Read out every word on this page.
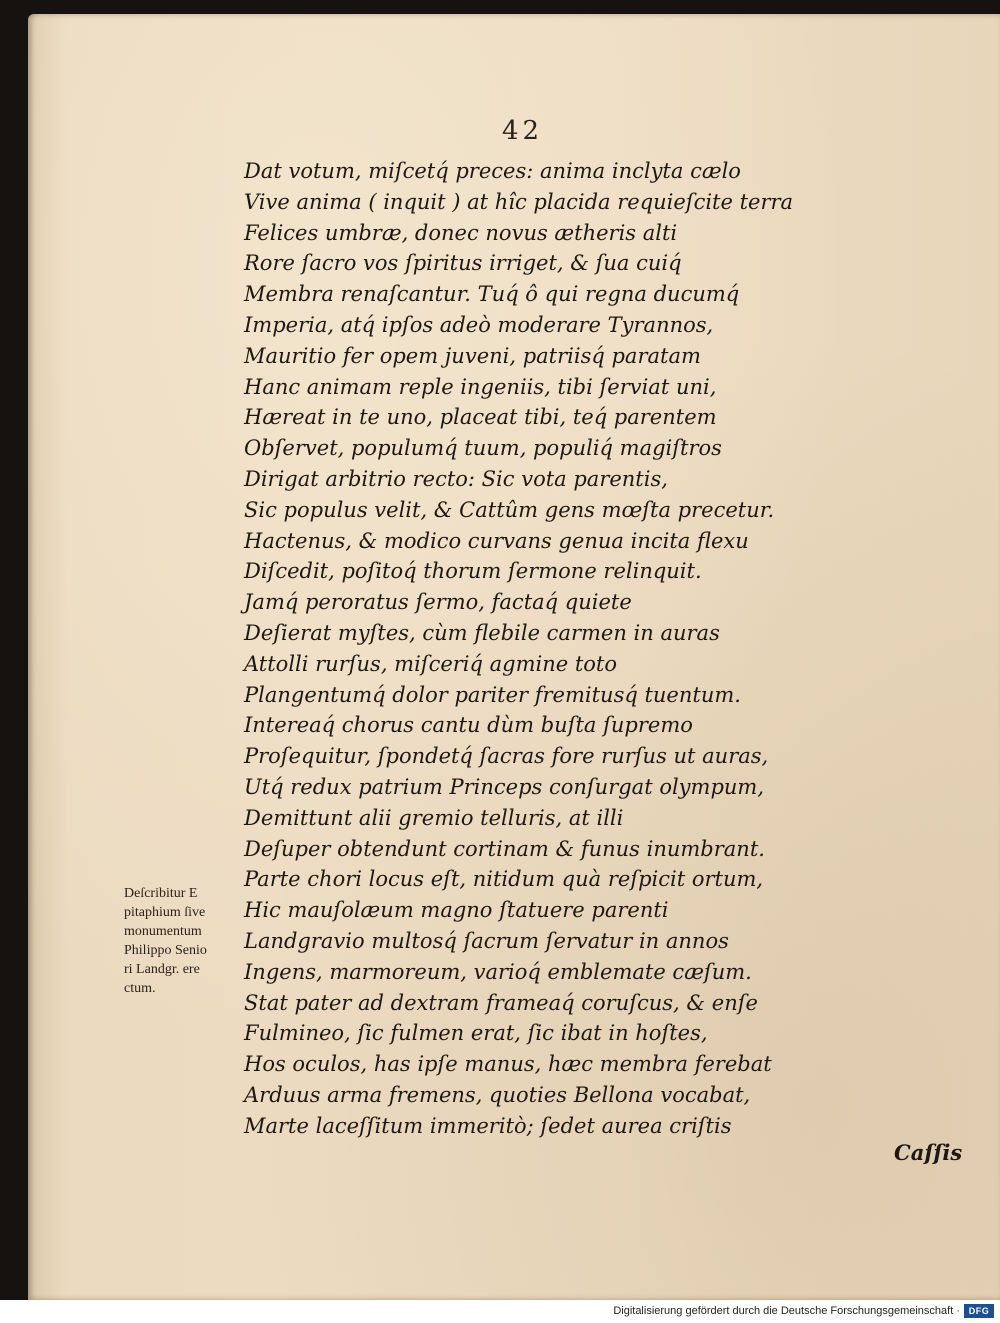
42
Dat votum, miſcetq́ preces: anima inclyta cælo
Vive anima ( inquit ) at hîc placida requieſcite terra
Felices umbræ, donec novus ætheris alti
Rore ſacro vos ſpiritus irriget, & ſua cuiq́
Membra renaſcantur. Tuq́ ô qui regna ducumq́
Imperia, atq́ ipſos adeò moderare Tyrannos,
Mauritio fer opem juveni, patriisq́ paratam
Hanc animam reple ingeniis, tibi ſerviat uni,
Hæreat in te uno, placeat tibi, teq́ parentem
Obſervet, populumq́ tuum, populiq́ magiſtros
Dirigat arbitrio recto: Sic vota parentis,
Sic populus velit, & Cattûm gens mœſta precetur.
Hactenus, & modico curvans genua incita flexu
Diſcedit, poſitoq́ thorum ſermone relinquit.
Jamq́ peroratus ſermo, factaq́ quiete
Deſierat myſtes, cùm flebile carmen in auras
Attolli rurſus, miſceriq́ agmine toto
Plangentumq́ dolor pariter fremitusq́ tuentum.
Intereaq́ chorus cantu dùm buſta ſupremo
Proſequitur, ſpondetq́ ſacras fore rurſus ut auras,
Utq́ redux patrium Princeps conſurgat olympum,
Demittunt alii gremio telluris, at illi
Deſuper obtendunt cortinam & funus inumbrant.
Parte chori locus eſt, nitidum quà reſpicit ortum,
Hic mauſolæum magno ſtatuere parenti
Landgravio multosq́ ſacrum ſervatur in annos
Ingens, marmoreum, varioq́ emblemate cæſum.
Stat pater ad dextram frameaq́ coruſcus, & enſe
Fulmineo, ſic fulmen erat, ſic ibat in hoſtes,
Hos oculos, has ipſe manus, hæc membra ferebat
Arduus arma fremens, quoties Bellona vocabat,
Marte laceſſitum immeritò; ſedet aurea criſtis
Deſcribitur E
pitaphium ſive
monumentum
Philippo Senio
ri Landgr. ere
ctum.
Caſſis
Digitalisierung gefördert durch die Deutsche Forschungsgemeinschaft · DFG
